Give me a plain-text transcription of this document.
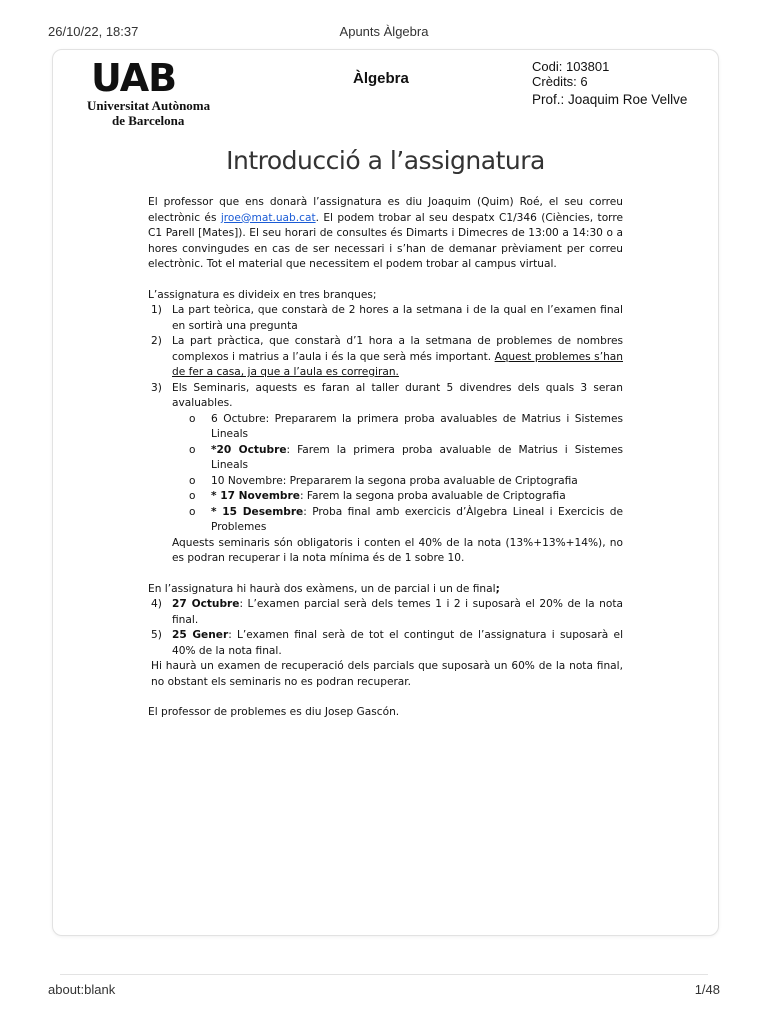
26/10/22, 18:37	Apunts Àlgebra
UAB
Universitat Autònoma
de Barcelona
Àlgebra
Codi: 103801
Crèdits: 6
Prof.: Joaquim Roe Vellve
Introducció a l’assignatura

El professor que ens donarà l’assignatura es diu Joaquim (Quim) Roé, el seu correu electrònic és jroe@mat.uab.cat. El podem trobar al seu despatx C1/346 (Ciències, torre C1 Parell [Mates]). El seu horari de consultes és Dimarts i Dimecres de 13:00 a 14:30 o a hores convingudes en cas de ser necessari i s’han de demanar prèviament per correu electrònic. Tot el material que necessitem el podem trobar al campus virtual.

L’assignatura es divideix en tres branques;

1) La part teòrica, que constarà de 2 hores a la setmana i de la qual en l’examen final en sortirà una pregunta
2) La part pràctica, que constarà d’1 hora a la setmana de problemes de nombres complexos i matrius a l’aula i és la que serà més important. Aquest problemes s’han de fer a casa, ja que a l’aula es corregiran.
3) Els Seminaris, aquests es faran al taller durant 5 divendres dels quals 3 seran avaluables.
o	6 Octubre: Prepararem la primera proba avaluables de Matrius i Sistemes Lineals
o	*20 Octubre: Farem la primera proba avaluable de Matrius i Sistemes Lineals
o	10 Novembre: Prepararem la segona proba avaluable de Criptografia
o	* 17 Novembre: Farem la segona proba avaluable de Criptografia
o	* 15 Desembre: Proba final amb exercicis d’Àlgebra Lineal i Exercicis de Problemes

Aquests seminaris són obligatoris i conten el 40% de la nota (13%+13%+14%), no es podran recuperar i la nota mínima és de 1 sobre 10.

En l’assignatura hi haurà dos exàmens, un de parcial i un de final;

4) 27 Octubre: L’examen parcial serà dels temes 1 i 2 i suposarà el 20% de la nota final.
5) 25 Gener: L’examen final serà de tot el contingut de l’assignatura i suposarà el 40% de la nota final.

Hi haurà un examen de recuperació dels parcials que suposarà un 60% de la nota final, no obstant els seminaris no es podran recuperar.

El professor de problemes es diu Josep Gascón.

about:blank	1/48
